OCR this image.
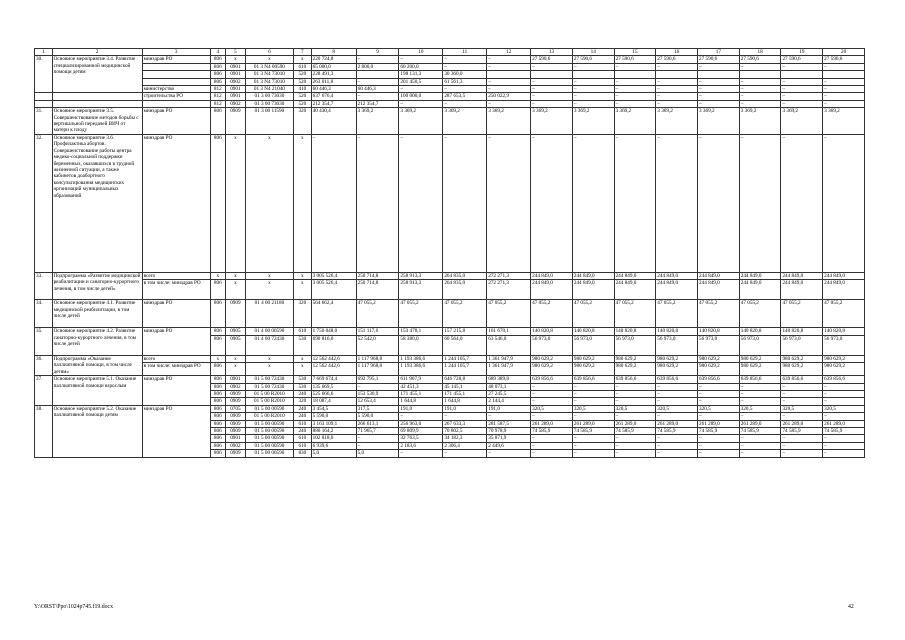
1	2	3	4	5	6	7	8	9	10	11	12	13	14	15	16	17	18	19	20
30.	Основное мероприятие 3.4. Развитие специализированной медицинской помощи детям	минздрав РО	806	x	x	x	220 724,8	–	–	–	–	27 590,6	27 590,6	27 590,6	27 590,6	27 590,6	27 590,6	27 590,6	27 590,6
			806	0901	01 3 N4 00590	610	65 000,0	2 800,0	60 200,0	–	–	–	–	–	–	–	–	–	–
			806	0901	01 3 N4 73010	520	228 491,3		198 131,3	30 360,0									
			806	0902	01 3 N4 73010	520	263 011,8	–	201 450,5	61 561,3	–	–	–	–	–	–	–	–	–
		министерство	812	0901	01 3 N4 21040	410	60 446,3	60 446,3	–	–	–	–	–	–	–	–	–	–	–
		строительства РО	812	0901	01 3 00 73030	520	637 676,4	–	100 000,0	287 653,5	250 022,9	–	–	–	–	–	–	–	–
			812	0902	01 3 00 73030	520	212 354,7	212 354,7	–	–	–	–	–	–	–	–	–	–	–
31.	Основное мероприятие 3.5. Совершенствование методов борьбы с вертикальной передачей ВИЧ от матери к плоду	минздрав РО	806	0909	01 3 00 11590	320	40 430,4	3 369,2	3 369,2	3 369,2	3 369,2	3 369,2	3 369,2	3 369,2	3 369,2	3 369,2	3 369,2	3 369,2	3 369,2
32.	Основное мероприятие 3.6. Профилактика абортов. Совершенствование работы центра медико-социальной поддержки беременных, оказавшихся в трудной жизненной ситуации, а также кабинетов доабортного консультирования медицинских организаций муниципальных образований	минздрав РО	806	x	x	x	–	–	–	–	–	–	–	–	–	–	–	–	–
33.	Подпрограмма «Развитие медицинской реабилитации и санаторно-курортного лечения, в том числе детей»	всего	x	x	x	x	3 005 526,4	250 714,8	258 913,3	264 835,0	272 271,3	244 849,0	244 849,0	244 849,0	244 849,0	244 849,0	244 849,0	244 849,0	244 849,0
		в том числе: минздрав РО	806	x	x	x	3 005 526,4	250 714,8	258 913,3	264 835,0	272 271,3	244 849,0	244 849,0	244 849,0	244 849,0	244 849,0	244 849,0	244 849,0	244 849,0
34.	Основное мероприятие 4.1. Развитие медицинской реабилитации, в том числе детей	минздрав РО	806	0909	01 4 00 21180	320	564 662,4	47 055,2	47 055,2	47 055,2	47 055,2	47 055,2	47 055,2	47 055,2	47 055,2	47 055,2	47 055,2	47 055,2	47 055,2
35.	Основное мероприятие 4.2. Развитие санаторно-курортного лечения, в том числе детей	минздрав РО	806	0905	01 4 00 00590	610	1 750 048,0	151 117,6	153 478,1	157 215,8	161 670,1	140 820,8	140 820,8	140 820,8	140 820,8	140 820,8	140 820,8	140 820,8	140 820,8
			806	0905	01 4 00 72430	530	690 816,0	52 542,0	58 380,0	60 564,0	63 546,0	56 973,0	56 973,0	56 973,0	56 973,0	56 973,0	56 973,0	56 973,0	56 973,0
36.	Подпрограмма «Оказание паллиативной помощи, в том числе детям»	всего	x	x	x	x	12 562 442,6	1 117 968,8	1 193 386,6	1 244 105,7	1 361 947,9	980 629,2	980 629,2	980 629,2	980 629,2	980 629,2	980 629,2	980 629,2	980 629,2
		в том числе: минздрав РО	806	x	x	x	12 562 442,6	1 117 968,8	1 193 386,6	1 244 105,7	1 361 947,9	980 629,2	980 629,2	980 629,2	980 629,2	980 629,2	980 629,2	980 629,2	980 629,2
37.	Основное мероприятие 5.1. Оказание паллиативной помощи взрослым	минздрав РО	806	0901	01 5 00 72430	530	7 669 674,4	692 795,1	611 907,9	646 728,8	689 389,8	639 856,6	639 856,6	639 856,6	639 856,6	639 856,6	639 856,6	639 856,6	639 856,6
			806	0902	01 5 00 72430	530	135 669,5	–	42 451,3	45 145,1	48 073,1	–	–	–	–	–	–	–	–
			806	0909	01 5 00 R2010	240	525 666,6	153 530,9	171 455,1	171 455,1	27 245,5	–	–	–	–	–	–	–	–
			806	0909	01 5 00 R2010	320	18 087,4	12 653,4	1 644,8	1 644,8	2 144,4	–	–	–	–	–	–	–	–
38.	Основное мероприятие 5.2. Оказание паллиативной помощи детям	минздрав РО	806	0705	01 5 00 00590	240	3 454,5	317,5	191,0	191,0	191,0	320,5	320,5	320,5	320,5	320,5	320,5	320,5	320,5
			806	0909	01 5 00 R2010	240	5 590,0	5 590,0	–	–	–	–	–	–	–	–	–	–	–
			806	0909	01 5 00 00590	610	3 163 109,1	266 613,1	256 963,0	267 633,3	281 587,5	261 289,0	261 289,0	261 289,0	261 289,0	261 289,0	261 289,0	261 289,0	261 289,0
			806	0909	01 5 00 00590	240	880 164,2	71 965,7	69 809,9	70 802,5	70 978,9	74 585,9	74 585,9	74 585,9	74 585,9	74 585,9	74 585,9	74 585,9	74 585,9
			806	0901	01 5 00 00590	610	102 818,0	–	32 763,5	34 182,3	35 871,9	–	–	–	–	–	–	–	–
			806	0902	01 5 00 00590	610	6 939,6	–	2 183,6	2 306,4	2 449,6	–	–	–	–	–	–	–	–
			806	0909	01 5 00 00590	830	5,0	5,0	–	–	–	–	–	–	–	–	–	–	–
Y:\ORST\Ppo\1024p745.f19.docx	42
